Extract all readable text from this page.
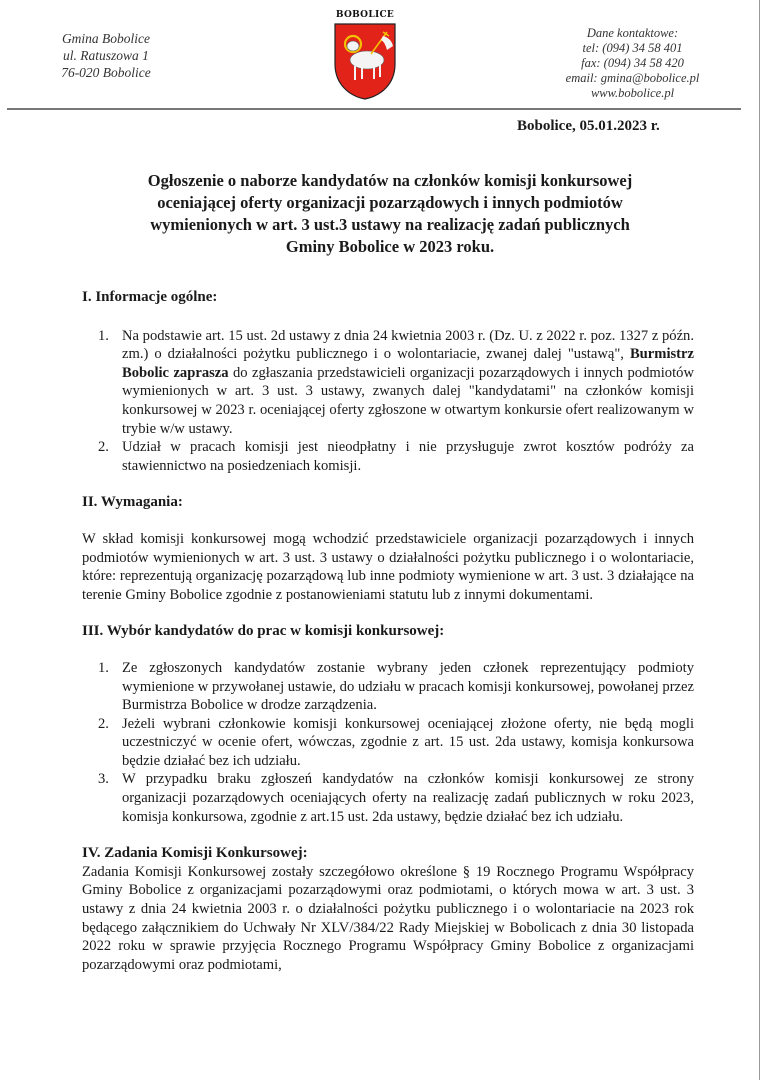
Gmina Bobolice
ul. Ratuszowa 1
76-020 Bobolice
BOBOLICE
Dane kontaktowe:
tel: (094) 34 58 401
fax: (094) 34 58 420
email: gmina@bobolice.pl
www.bobolice.pl
Bobolice, 05.01.2023 r.
Ogłoszenie o naborze kandydatów na członków komisji konkursowej
oceniającej oferty organizacji pozarządowych i innych podmiotów
wymienionych w art. 3 ust.3 ustawy na realizację zadań publicznych
Gminy Bobolice w 2023 roku.
I. Informacje ogólne:
1. Na podstawie art. 15 ust. 2d ustawy z dnia 24 kwietnia 2003 r. (Dz. U. z 2022 r. poz. 1327 z późn. zm.) o działalności pożytku publicznego i o wolontariacie, zwanej dalej "ustawą", Burmistrz Bobolic zaprasza do zgłaszania przedstawicieli organizacji pozarządowych i innych podmiotów wymienionych w art. 3 ust. 3 ustawy, zwanych dalej "kandydatami" na członków komisji konkursowej w 2023 r. oceniającej oferty zgłoszone w otwartym konkursie ofert realizowanym w trybie w/w ustawy.
2. Udział w pracach komisji jest nieodpłatny i nie przysługuje zwrot kosztów podróży za stawiennictwo na posiedzeniach komisji.
II. Wymagania:

W skład komisji konkursowej mogą wchodzić przedstawiciele organizacji pozarządowych i innych podmiotów wymienionych w art. 3 ust. 3 ustawy o działalności pożytku publicznego i o wolontariacie, które: reprezentują organizację pozarządową lub inne podmioty wymienione w art. 3 ust. 3 działające na terenie Gminy Bobolice zgodnie z postanowieniami statutu lub z innymi dokumentami.

III. Wybór kandydatów do prac w komisji konkursowej:
1. Ze zgłoszonych kandydatów zostanie wybrany jeden członek reprezentujący podmioty wymienione w przywołanej ustawie, do udziału w pracach komisji konkursowej, powołanej przez Burmistrza Bobolice w drodze zarządzenia.
2. Jeżeli wybrani członkowie komisji konkursowej oceniającej złożone oferty, nie będą mogli uczestniczyć w ocenie ofert, wówczas, zgodnie z art. 15 ust. 2da ustawy, komisja konkursowa będzie działać bez ich udziału.
3. W przypadku braku zgłoszeń kandydatów na członków komisji konkursowej ze strony organizacji pozarządowych oceniających oferty na realizację zadań publicznych w roku 2023, komisja konkursowa, zgodnie z art.15 ust. 2da ustawy, będzie działać bez ich udziału.
IV. Zadania Komisji Konkursowej:

Zadania Komisji Konkursowej zostały szczegółowo określone § 19 Rocznego Programu Współpracy Gminy Bobolice z organizacjami pozarządowymi oraz podmiotami, o których mowa w art. 3 ust. 3 ustawy z dnia 24 kwietnia 2003 r. o działalności pożytku publicznego i o wolontariacie na 2023 rok będącego załącznikiem do Uchwały Nr XLV/384/22 Rady Miejskiej w Bobolicach z dnia 30 listopada 2022 roku w sprawie przyjęcia Rocznego Programu Współpracy Gminy Bobolice z organizacjami pozarządowymi oraz podmiotami,
